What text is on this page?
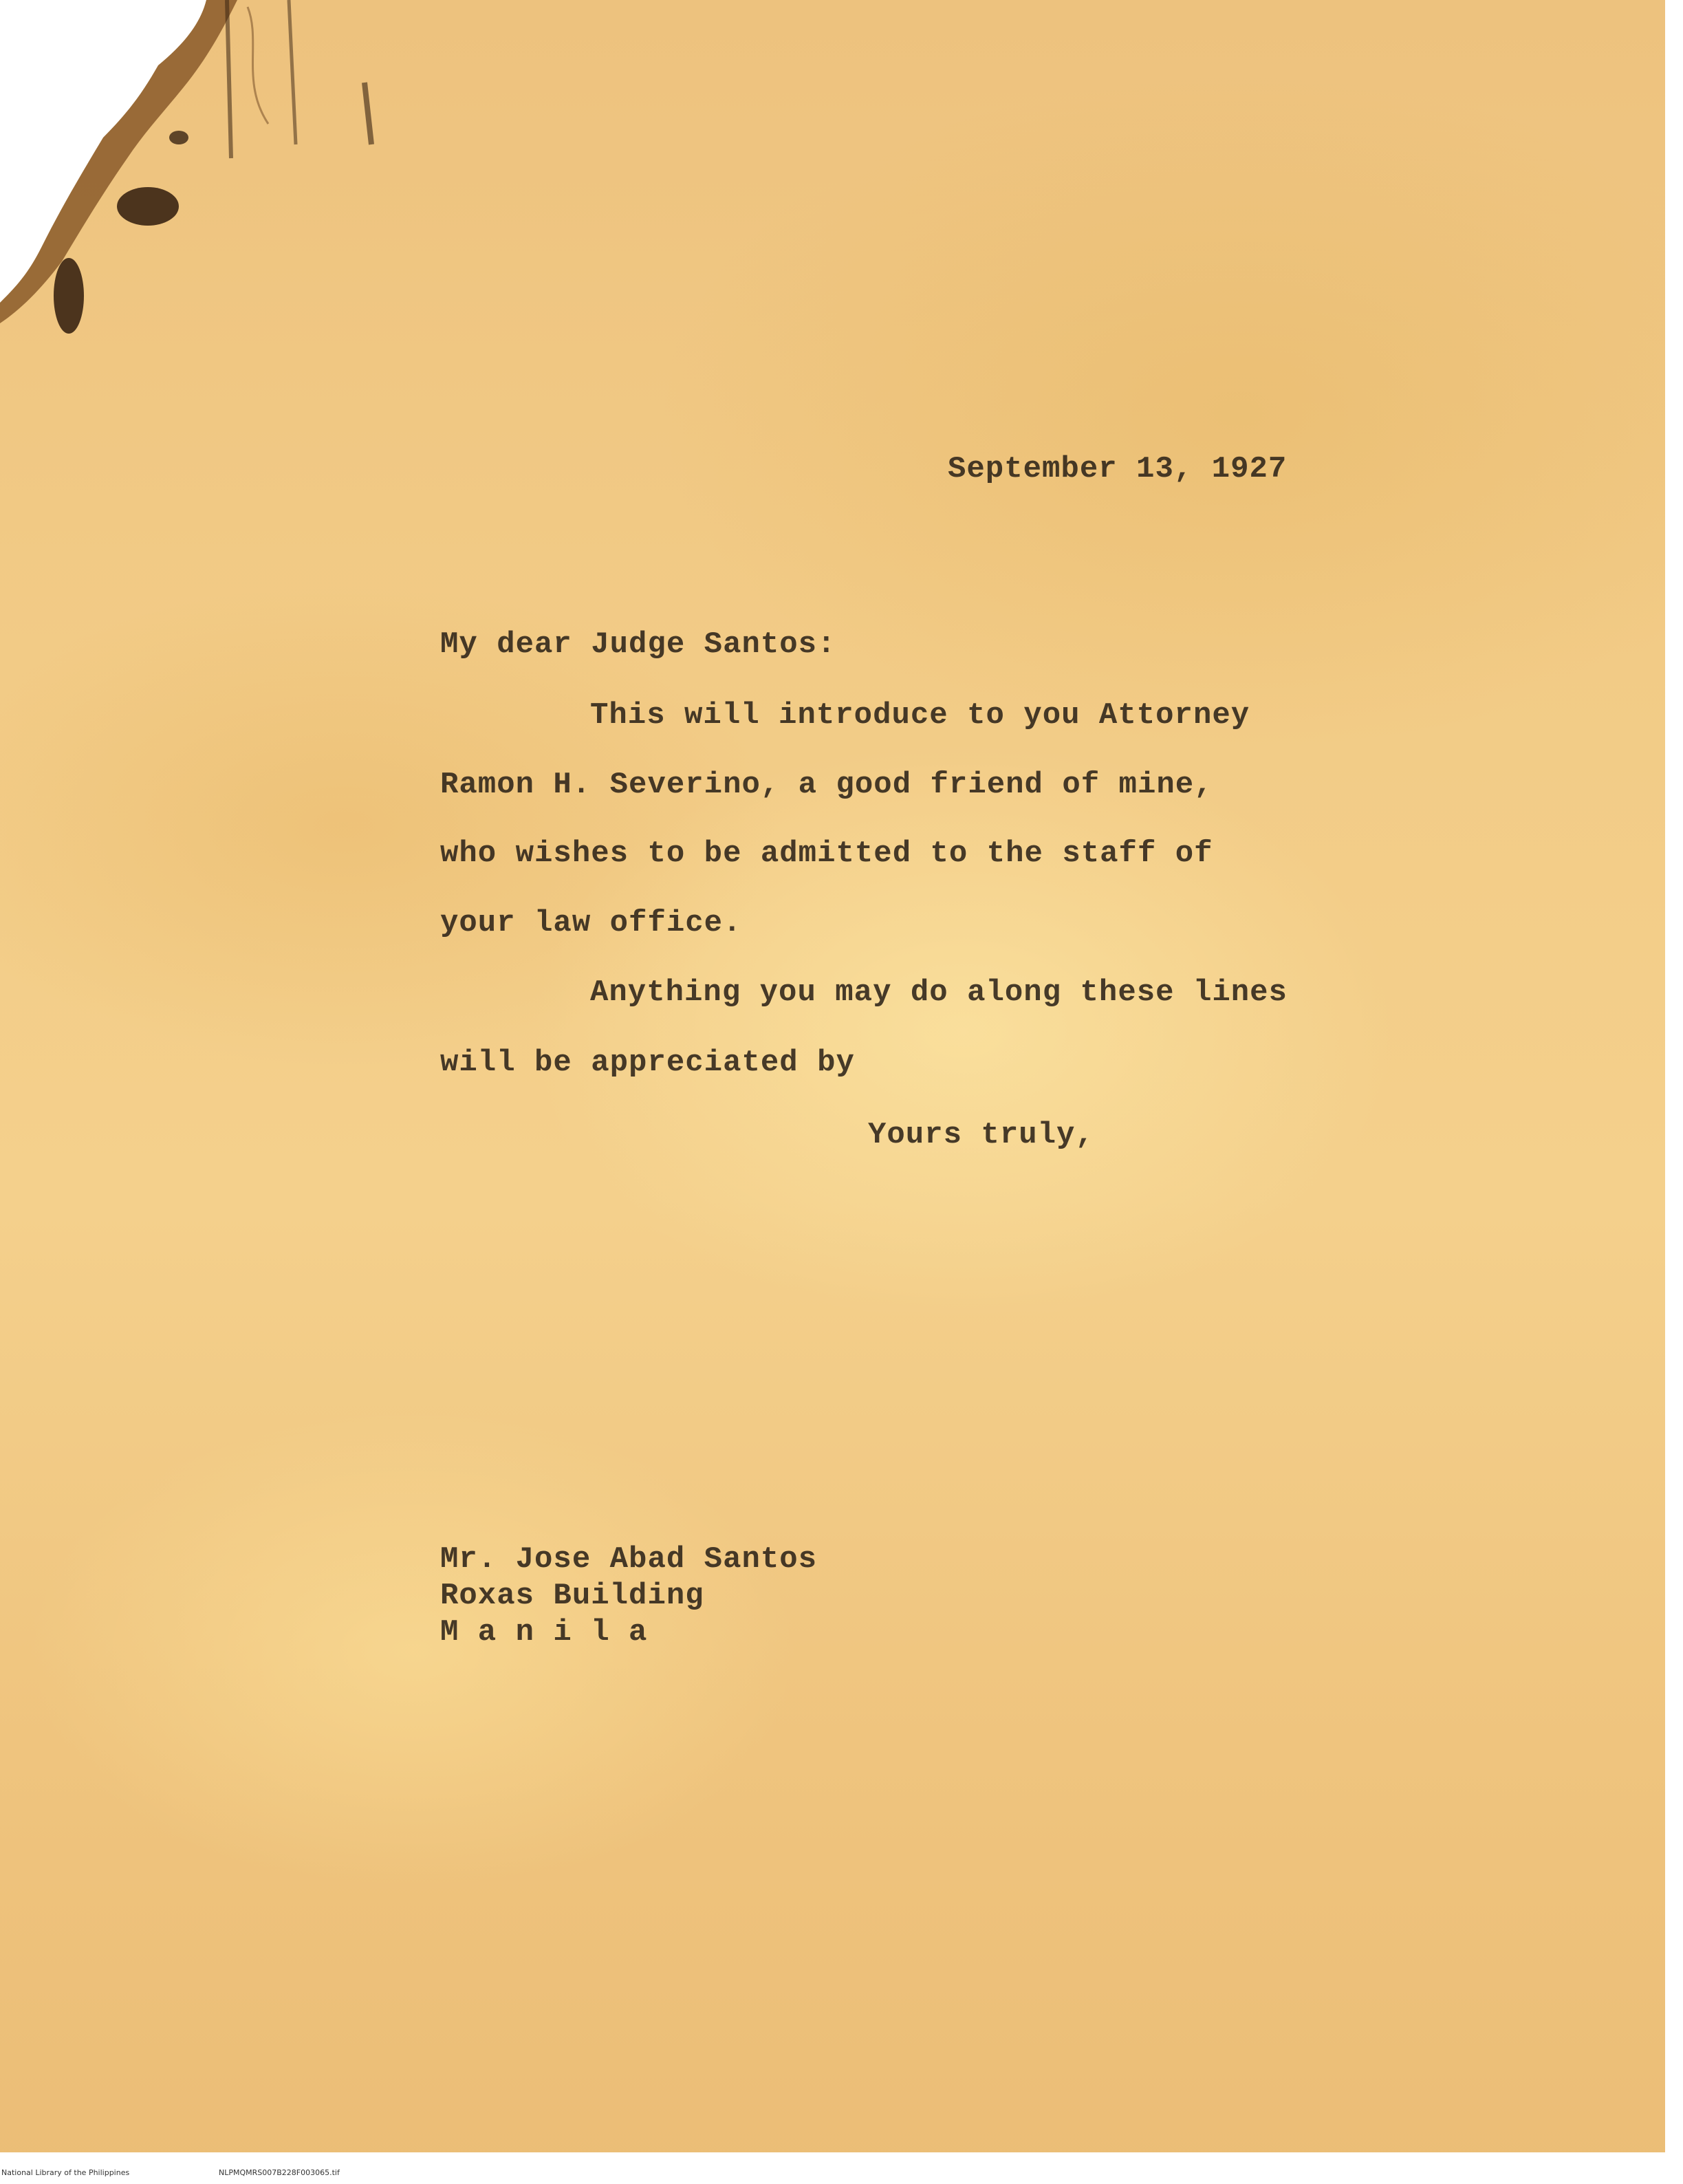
September 13, 1927
My dear Judge Santos:
This will introduce to you Attorney
Ramon H. Severino, a good friend of mine,
who wishes to be admitted to the staff of
your law office.
Anything you may do along these lines
will be appreciated by
Yours truly,
Mr. Jose Abad Santos
Roxas Building
M a n i l a
National Library of the Philippines	NLPMQMRS007B228F003065.tif
